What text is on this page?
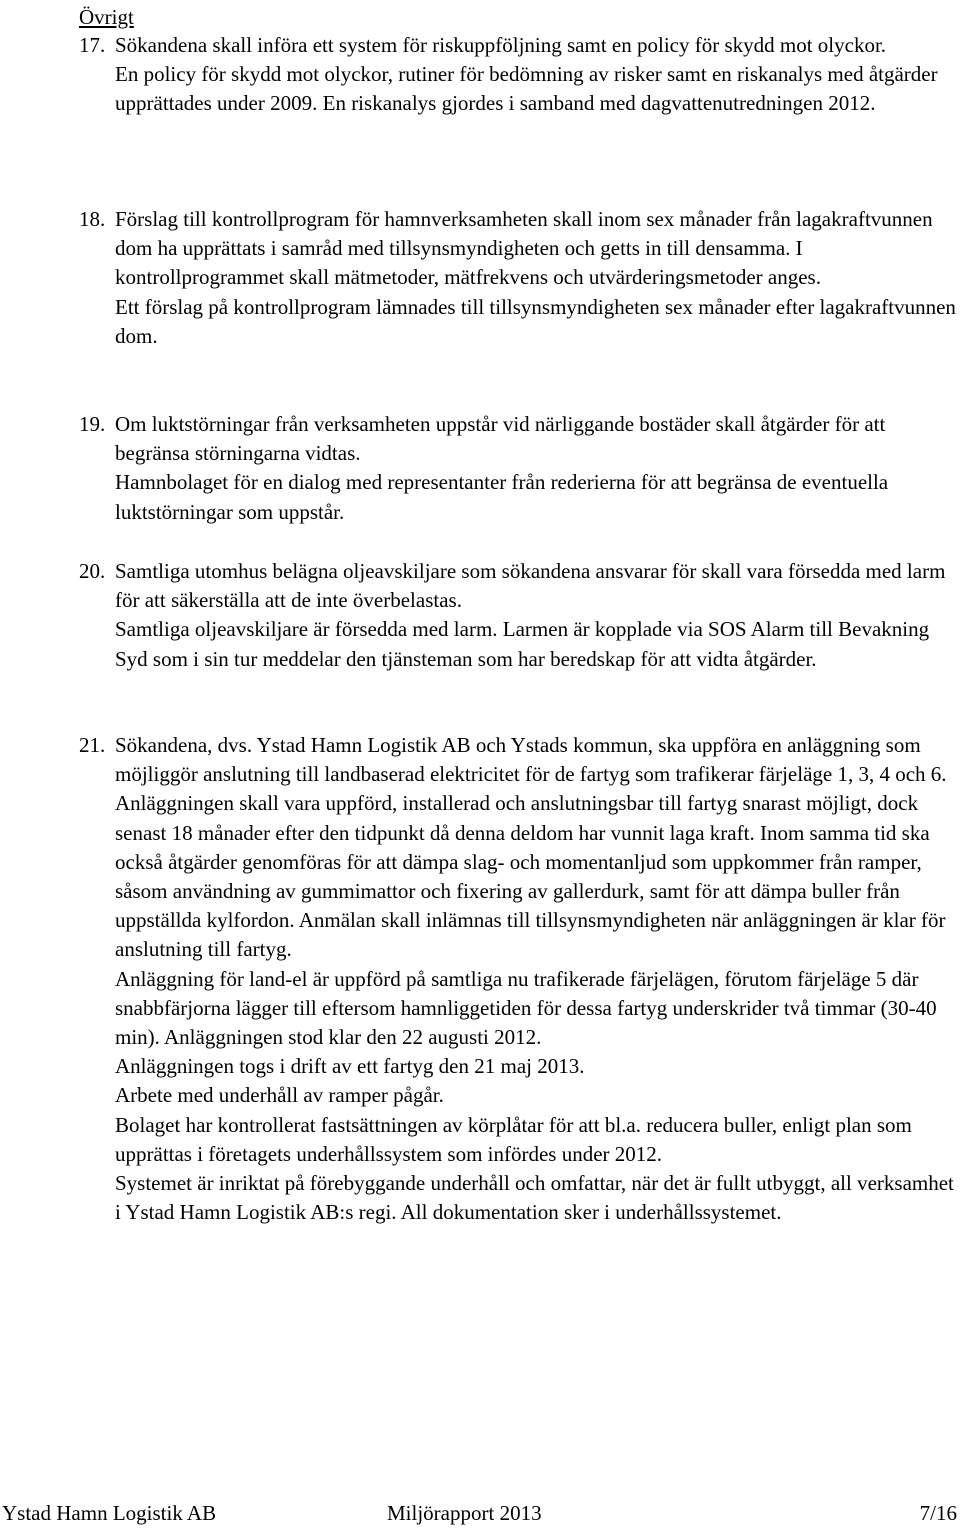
Övrigt
17. Sökandena skall införa ett system för riskuppföljning samt en policy för skydd mot olyckor.

En policy för skydd mot olyckor, rutiner för bedömning av risker samt en riskanalys med åtgärder upprättades under 2009. En riskanalys gjordes i samband med dagvattenutredningen 2012.

18. Förslag till kontrollprogram för hamnverksamheten skall inom sex månader från lagakraftvunnen dom ha upprättats i samråd med tillsynsmyndigheten och getts in till densamma. I kontrollprogrammet skall mätmetoder, mätfrekvens och utvärderingsmetoder anges.

Ett förslag på kontrollprogram lämnades till tillsynsmyndigheten sex månader efter lagakraftvunnen dom.

19. Om luktstörningar från verksamheten uppstår vid närliggande bostäder skall åtgärder för att begränsa störningarna vidtas.

Hamnbolaget för en dialog med representanter från rederierna för att begränsa de eventuella luktstörningar som uppstår.

20. Samtliga utomhus belägna oljeavskiljare som sökandena ansvarar för skall vara försedda med larm för att säkerställa att de inte överbelastas.

Samtliga oljeavskiljare är försedda med larm. Larmen är kopplade via SOS Alarm till Bevakning Syd som i sin tur meddelar den tjänsteman som har beredskap för att vidta åtgärder.

21. Sökandena, dvs. Ystad Hamn Logistik AB och Ystads kommun, ska uppföra en anläggning som möjliggör anslutning till landbaserad elektricitet för de fartyg som trafikerar färjeläge 1, 3, 4 och 6. Anläggningen skall vara uppförd, installerad och anslutningsbar till fartyg snarast möjligt, dock senast 18 månader efter den tidpunkt då denna deldom har vunnit laga kraft. Inom samma tid ska också åtgärder genomföras för att dämpa slag- och momentanljud som uppkommer från ramper, såsom användning av gummimattor och fixering av gallerdurk, samt för att dämpa buller från uppställda kylfordon. Anmälan skall inlämnas till tillsynsmyndigheten när anläggningen är klar för anslutning till fartyg.

Anläggning för land-el är uppförd på samtliga nu trafikerade färjelägen, förutom färjeläge 5 där snabbfärjorna lägger till eftersom hamnliggetiden för dessa fartyg underskrider två timmar (30-40 min). Anläggningen stod klar den 22 augusti 2012.

Anläggningen togs i drift av ett fartyg den 21 maj 2013.

Arbete med underhåll av ramper pågår.

Bolaget har kontrollerat fastsättningen av körplåtar för att bl.a. reducera buller, enligt plan som upprättas i företagets underhållssystem som infördes under 2012.

Systemet är inriktat på förebyggande underhåll och omfattar, när det är fullt utbyggt, all verksamhet i Ystad Hamn Logistik AB:s regi. All dokumentation sker i underhållssystemet.

Ystad Hamn Logistik AB	Miljörapport 2013	7/16
